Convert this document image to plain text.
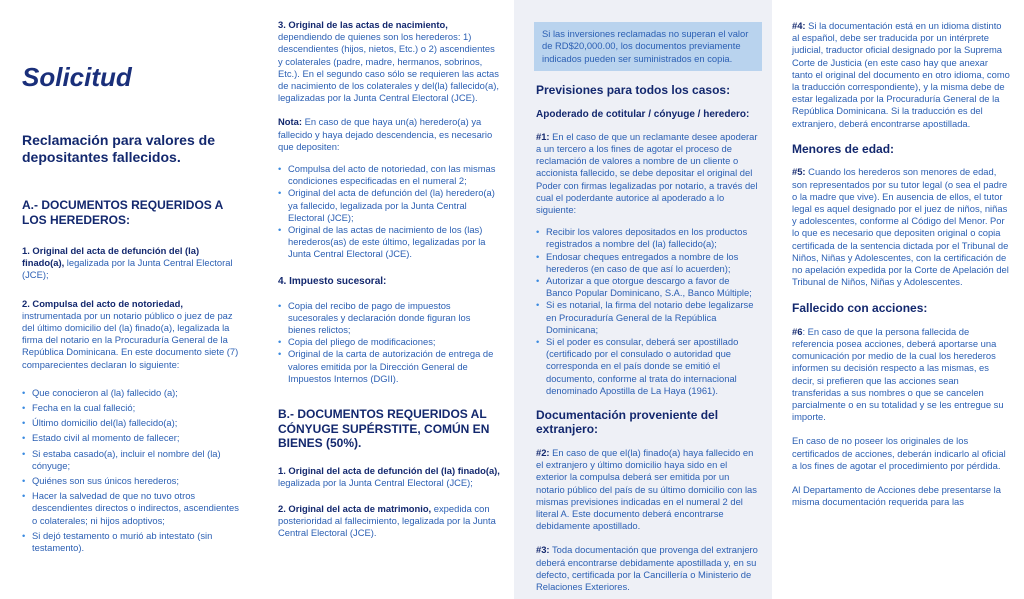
Solicitud
Reclamación para valores de depositantes fallecidos.
A.- DOCUMENTOS REQUERIDOS A LOS HEREDEROS:

1. Original del acta de defunción del (la) finado(a), legalizada por la Junta Central Electoral (JCE);

2. Compulsa del acto de notoriedad,
instrumentada por un notario público o juez de paz del último domicilio del (la) finado(a), legalizada la firma del notario en la Procuraduría General de la República Dominicana. En este documento siete (7) comparecientes declaran lo siguiente:

• Que conocieron al (la) fallecido (a);
• Fecha en la cual falleció;
• Último domicilio del(la) fallecido(a);
• Estado civil al momento de fallecer;
• Si estaba casado(a), incluir el nombre del (la) cónyuge;
• Quiénes son sus únicos herederos;
• Hacer la salvedad de que no tuvo otros descendientes directos o indirectos, ascendientes o colaterales; ni hijos adoptivos;
• Si dejó testamento o murió ab intestato (sin testamento).

3. Original de las actas de nacimiento,
dependiendo de quienes son los herederos: 1) descendientes (hijos, nietos, Etc.) o 2) ascendientes y colaterales (padre, madre, hermanos, sobrinos, Etc.). En el segundo caso sólo se requieren las actas de nacimiento de los colaterales y del(la) fallecido(a), legalizadas por la Junta Central Electoral (JCE).

Nota: En caso de que haya un(a) heredero(a) ya fallecido y haya dejado descendencia, es necesario que depositen:

• Compulsa del acto de notoriedad, con las mismas condiciones especificadas en el numeral 2;
• Original del acta de defunción del (la) heredero(a) ya fallecido, legalizada por la Junta Central Electoral (JCE);
• Original de las actas de nacimiento de los (las) herederos(as) de este último, legalizadas por la Junta Central Electoral (JCE).
4. Impuesto sucesoral:
• Copia del recibo de pago de impuestos sucesorales y declaración donde figuran los bienes relictos;
• Copia del pliego de modificaciones;
• Original de la carta de autorización de entrega de valores emitida por la Dirección General de Impuestos Internos (DGII).
B.- DOCUMENTOS REQUERIDOS AL CÓNYUGE SUPÉRSTITE, COMÚN EN BIENES (50%).

1. Original del acta de defunción del (la) finado(a), legalizada por la Junta Central Electoral (JCE);

2. Original del acta de matrimonio, expedida con posterioridad al fallecimiento, legalizada por la Junta Central Electoral (JCE).

Si las inversiones reclamadas no superan el valor de RD$20,000.00, los documentos previamente indicados pueden ser suministrados en copia.

Previsiones para todos los casos:
Apoderado de cotitular / cónyuge / heredero:

#1: En el caso de que un reclamante desee apoderar a un tercero a los fines de agotar el proceso de reclamación de valores a nombre de un cliente o accionista fallecido, se debe depositar el original del Poder con firmas legalizadas por notario, a través del cual el poderdante autorice al apoderado a lo siguiente:

• Recibir los valores depositados en los productos registrados a nombre del (la) fallecido(a);
• Endosar cheques entregados a nombre de los herederos (en caso de que así lo acuerden);
• Autorizar a que otorgue descargo a favor de Banco Popular Dominicano, S.A., Banco Múltiple;
• Si es notarial, la firma del notario debe legalizarse en Procuraduría General de la República Dominicana;
• Si el poder es consular, deberá ser apostillado (certificado por el consulado o autoridad que corresponda en el país donde se emitió el documento, conforme al trata do internacional denominado Apostilla de La Haya (1961).
Documentación proveniente del extranjero:

#2: En caso de que el(la) finado(a) haya fallecido en el extranjero y último domicilio haya sido en el exterior la compulsa deberá ser emitida por un notario público del país de su último domicilio con las mismas previsiones indicadas en el numeral 2 del literal A. Este documento deberá encontrarse debidamente apostillado.

#3: Toda documentación que provenga del extranjero deberá encontrarse debidamente apostillada y, en su defecto, certificada por la Cancillería o Ministerio de Relaciones Exteriores.

#4: Si la documentación está en un idioma distinto al español, debe ser traducida por un intérprete judicial, traductor oficial designado por la Suprema Corte de Justicia (en este caso hay que anexar tanto el original del documento en otro idioma, como la traducción correspondiente), y la misma debe de estar legalizada por la Procuraduría General de la República Dominicana. Si la traducción es del extranjero, deberá encontrarse apostillada.

Menores de edad:

#5: Cuando los herederos son menores de edad, son representados por su tutor legal (o sea el padre o la madre que vive). En ausencia de ellos, el tutor legal es aquel designado por el juez de niños, niñas y adolescentes, conforme al Código del Menor. Por lo que es necesario que depositen original o copia certificada de la sentencia dictada por el Tribunal de Niños, Niñas y Adolescentes, con la certificación de no apelación expedida por la Corte de Apelación del Tribunal de Niños, Niñas y Adolescentes.

Fallecido con acciones:

#6: En caso de que la persona fallecida de referencia posea acciones, deberá aportarse una comunicación por medio de la cual los herederos informen su decisión respecto a las mismas, es decir, si prefieren que las acciones sean transferidas a sus nombres o que se cancelen parcialmente o en su totalidad y se les entregue su importe.

En caso de no poseer los originales de los certificados de acciones, deberán indicarlo al oficial a los fines de agotar el procedimiento por pérdida.

Al Departamento de Acciones debe presentarse la misma documentación requerida para las
